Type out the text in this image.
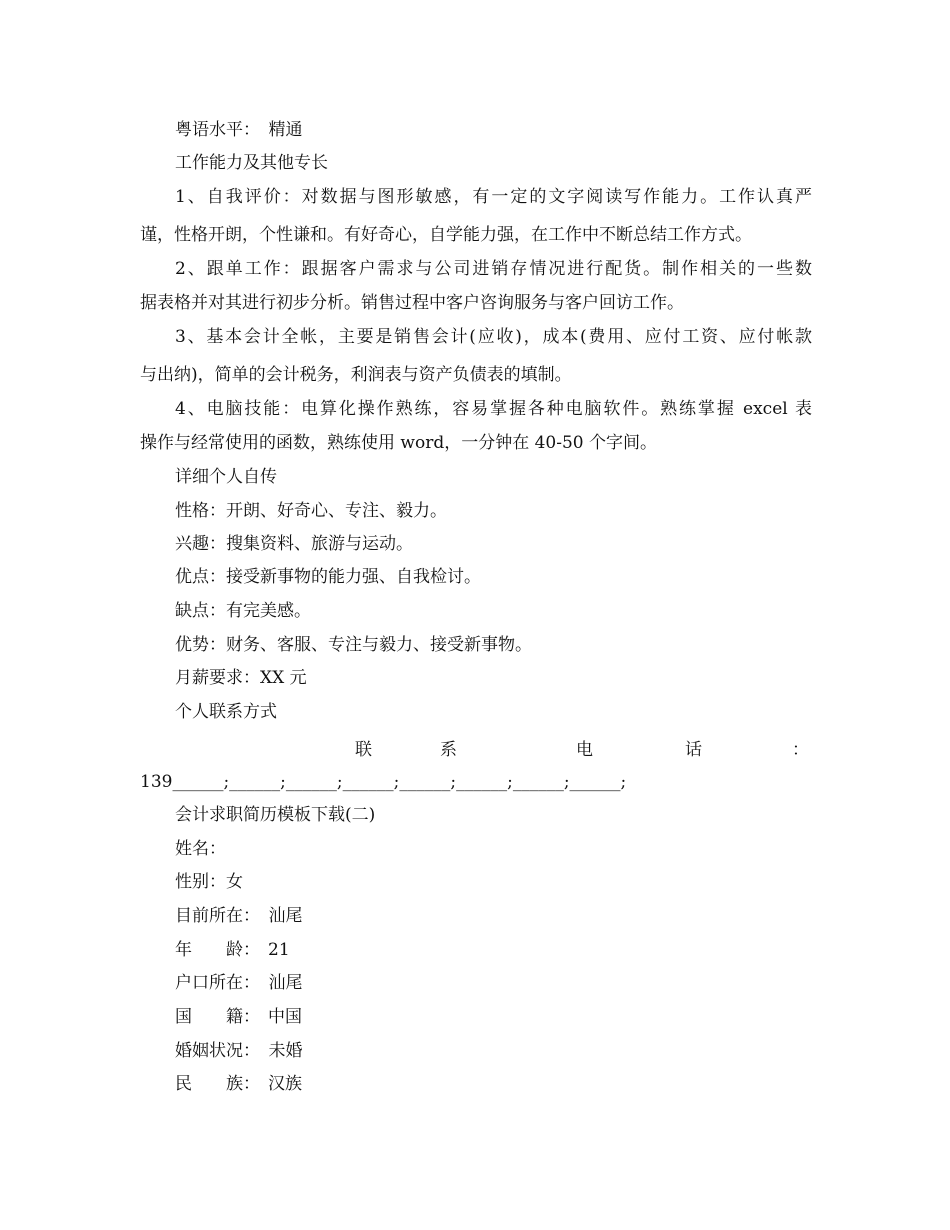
粤语水平：　精通
工作能力及其他专长
1、自我评价：对数据与图形敏感，有一定的文字阅读写作能力。工作认真严
谨，性格开朗，个性谦和。有好奇心，自学能力强，在工作中不断总结工作方式。
2、跟单工作：跟据客户需求与公司进销存情况进行配货。制作相关的一些数
据表格并对其进行初步分析。销售过程中客户咨询服务与客户回访工作。
3、基本会计全帐，主要是销售会计(应收)，成本(费用、应付工资、应付帐款
与出纳)，简单的会计税务，利润表与资产负债表的填制。
4、电脑技能：电算化操作熟练，容易掌握各种电脑软件。熟练掌握 excel 表
操作与经常使用的函数，熟练使用 word，一分钟在 40-50 个字间。
详细个人自传
性格：开朗、好奇心、专注、毅力。
兴趣：搜集资料、旅游与运动。
优点：接受新事物的能力强、自我检讨。
缺点：有完美感。
优势：财务、客服、专注与毅力、接受新事物。
月薪要求：XX 元
个人联系方式
联	系	电	话	：
139______;______;______;______;______;______;______;______;
会计求职简历模板下载(二)
姓名：
性别：女
目前所在：　汕尾
年　　龄： 21
户口所在：　汕尾
国　　籍： 中国
婚姻状况：　未婚
民　　族： 汉族
